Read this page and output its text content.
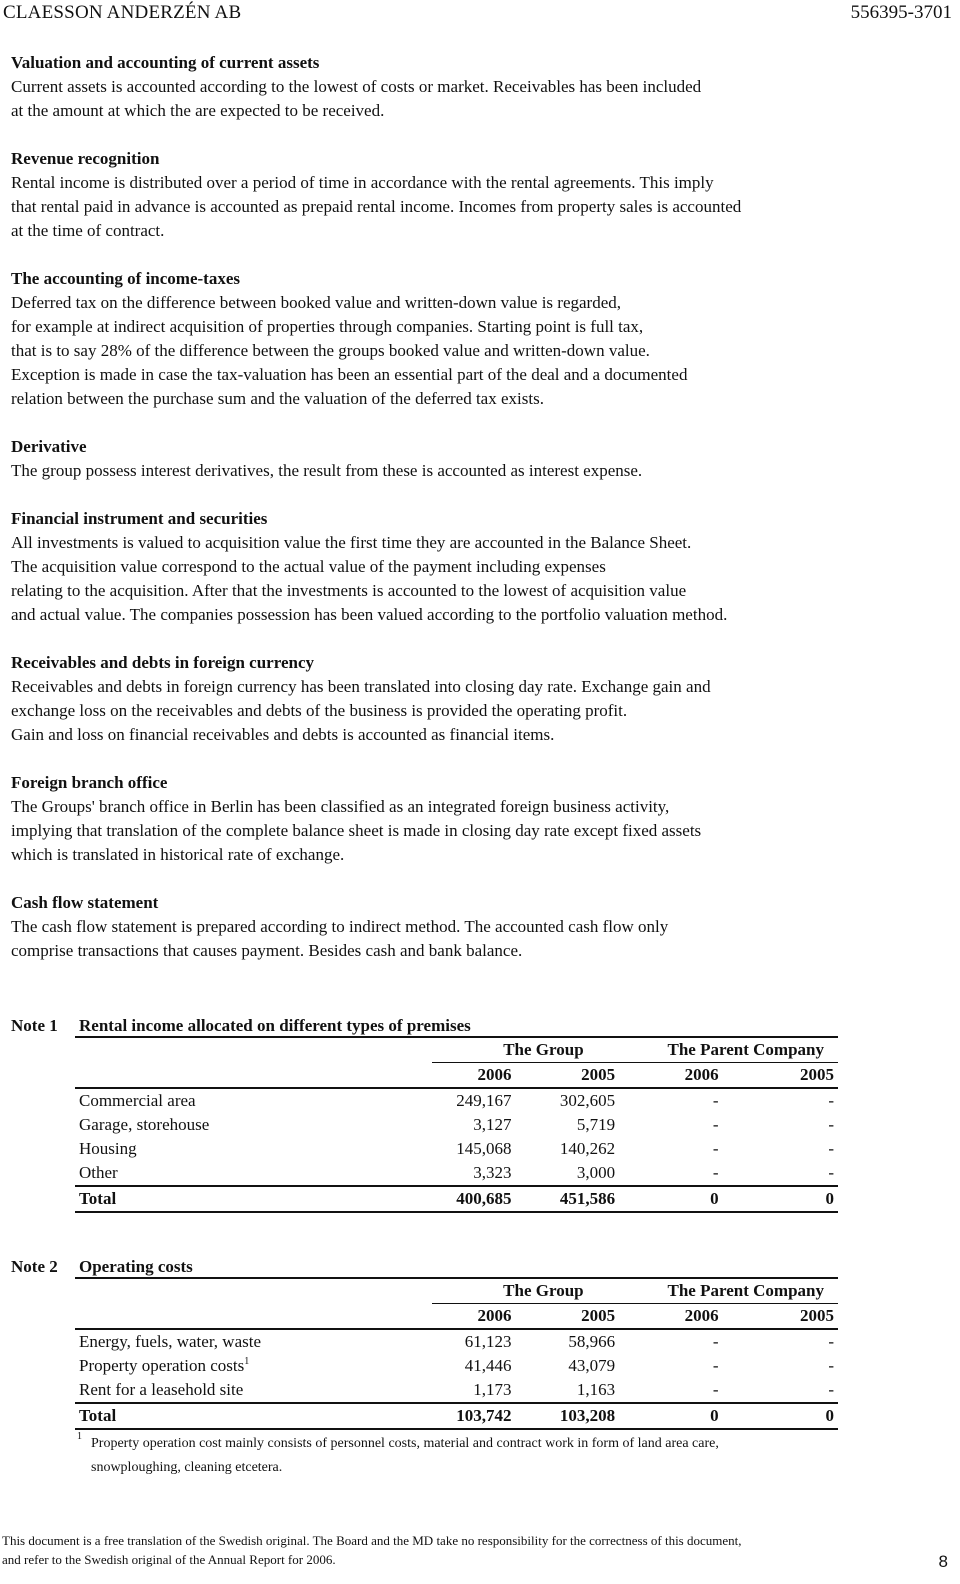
CLAESSON ANDERZÉN AB	556395-3701
Valuation and accounting of current assets
Current assets is accounted according to the lowest of costs or market. Receivables has been included
at the amount at which the are expected to be received.
Revenue recognition
Rental income is distributed over a period of time in accordance with the rental agreements. This imply
that rental paid in advance is accounted as prepaid rental income. Incomes from property sales is accounted
at the time of contract.
The accounting of income-taxes
Deferred tax on the difference between booked value and written-down value is regarded,
for example at indirect acquisition of properties through companies. Starting point is full tax,
that is to say 28% of the difference between the groups booked value and written-down value.
Exception is made in case the tax-valuation has been an essential part of the deal and a documented
relation between the purchase sum and the valuation of the deferred tax exists.
Derivative
The group possess interest derivatives, the result from these is accounted as interest expense.
Financial instrument and securities
All investments is valued to acquisition value the first time they are accounted in the Balance Sheet.
The acquisition value correspond to the actual value of the payment including expenses
relating to the acquisition. After that the investments is accounted to the lowest of acquisition value
and actual value. The companies possession has been valued according to the portfolio valuation method.
Receivables and debts in foreign currency
Receivables and debts in foreign currency has been translated into closing day rate. Exchange gain and
exchange loss on the receivables and debts of the business is provided the operating profit.
Gain and loss on financial receivables and debts is accounted as financial items.
Foreign branch office
The Groups' branch office in Berlin has been classified as an integrated foreign business activity,
implying that translation of the complete balance sheet is made in closing day rate except fixed assets
which is translated in historical rate of exchange.
Cash flow statement
The cash flow statement is prepared according to indirect method. The accounted cash flow only
comprise transactions that causes payment. Besides cash and bank balance.
Note 1 Rental income allocated on different types of premises
	The Group		The Parent Company	
	2006	2005	2006	2005
Commercial area	249,167	302,605	-	-
Garage, storehouse	3,127	5,719	-	-
Housing	145,068	140,262	-	-
Other	3,323	3,000	-	-
Total	400,685	451,586	0	0
Note 2 Operating costs
	The Group		The Parent Company	
	2006	2005	2006	2005
Energy, fuels, water, waste	61,123	58,966	-	-
Property operation costs$^1$	41,446	43,079	-	-
Rent for a leasehold site	1,173	1,163	-	-
Total	103,742	103,208	0	0
1 Property operation cost mainly consists of personnel costs, material and contract work in form of land area care,
snowploughing, cleaning etcetera.
This document is a free translation of the Swedish original. The Board and the MD take no responsibility for the correctness of this document,
and refer to the Swedish original of the Annual Report for 2006.	8
